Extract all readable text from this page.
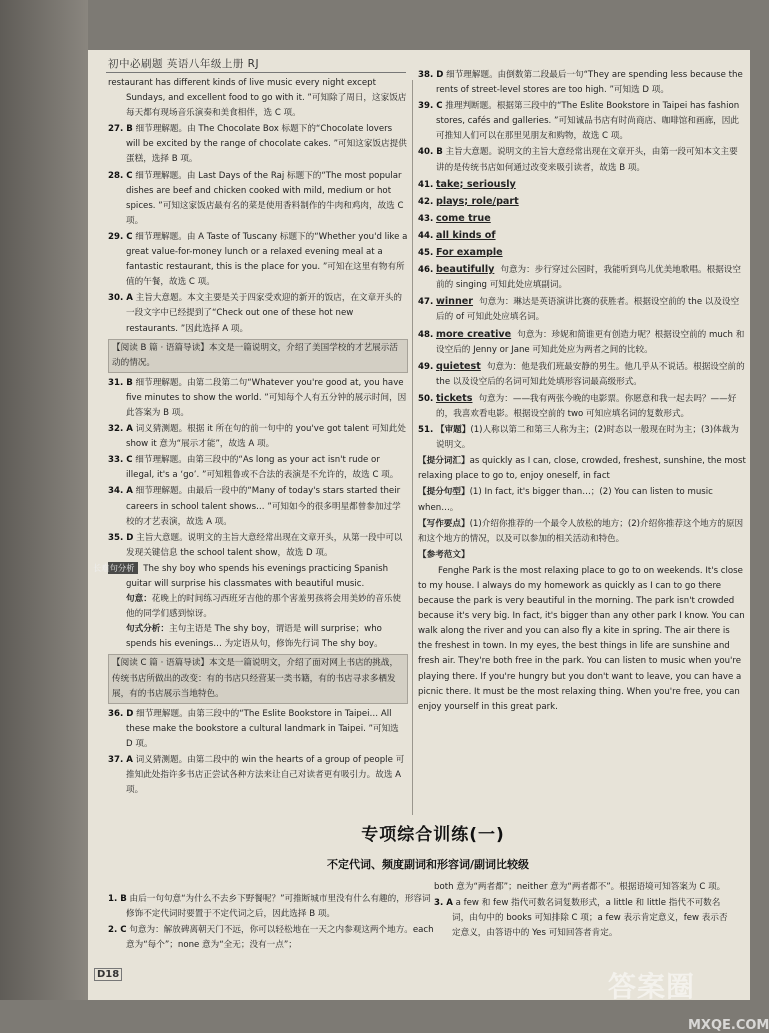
初中必刷题 英语八年级上册 RJ
restaurant has different kinds of live music every night except Sundays, and excellent food to go with it. ”可知除了周日，这家饭店每天都有现场音乐演奏和美食相伴，选 C 项。
27. B 细节理解题。由 The Chocolate Box 标题下的“Chocolate lovers will be excited by the range of chocolate cakes. ”可知这家饭店提供蛋糕，选择 B 项。
28. C 细节理解题。由 Last Days of the Raj 标题下的“The most popular dishes are beef and chicken cooked with mild, medium or hot spices. ”可知这家饭店最有名的菜是使用香料制作的牛肉和鸡肉，故选 C 项。
29. C 细节理解题。由 A Taste of Tuscany 标题下的“Whether you'd like a great value-for-money lunch or a relaxed evening meal at a fantastic restaurant, this is the place for you. ”可知在这里有物有所值的午餐，故选 C 项。
30. A 主旨大意题。本文主要是关于四家受欢迎的新开的饭店，在文章开头的一段文字中已经提到了“Check out one of these hot new restaurants. ”因此选择 A 项。
【阅读 B 篇 · 语篇导读】本文是一篇说明文，介绍了美国学校的才艺展示活动的情况。
31. B 细节理解题。由第二段第二句“Whatever you're good at, you have five minutes to show the world. ”可知每个人有五分钟的展示时间，因此答案为 B 项。
32. A 词义猜测题。根据 it 所在句的前一句中的 you've got talent 可知此处 show it 意为“展示才能”，故选 A 项。
33. C 细节理解题。由第三段中的“As long as your act isn't rude or illegal, it's a ‘go’. ”可知粗鲁或不合法的表演是不允许的，故选 C 项。
34. A 细节理解题。由最后一段中的“Many of today's stars started their careers in school talent shows… ”可知如今的很多明星都曾参加过学校的才艺表演，故选 A 项。
35. D 主旨大意题。说明文的主旨大意经常出现在文章开头，从第一段中可以发现关键信息 the school talent show，故选 D 项。
长难句分析 The shy boy who spends his evenings practicing Spanish guitar will surprise his classmates with beautiful music.
句意：花晚上的时间练习西班牙吉他的那个害羞男孩将会用美妙的音乐使他的同学们感到惊讶。
句式分析：主句主语是 The shy boy，谓语是 will surprise；who spends his evenings… 为定语从句，修饰先行词 The shy boy。
【阅读 C 篇 · 语篇导读】本文是一篇说明文，介绍了面对网上书店的挑战，传统书店所做出的改变：有的书店只经营某一类书籍，有的书店寻求多栖发展，有的书店展示当地特色。
36. D 细节理解题。由第三段中的“The Eslite Bookstore in Taipei… All these make the bookstore a cultural landmark in Taipei. ”可知选 D 项。
37. A 词义猜测题。由第二段中的 win the hearts of a group of people 可推知此处指许多书店正尝试各种方法来让自己对读者更有吸引力。故选 A 项。
38. D 细节理解题。由倒数第二段最后一句“They are spending less because the rents of street-level stores are too high. ”可知选 D 项。
39. C 推理判断题。根据第三段中的“The Eslite Bookstore in Taipei has fashion stores, cafés and galleries. ”可知诚品书店有时尚商店、咖啡馆和画廊，因此可推知人们可以在那里见朋友和购物，故选 C 项。
40. B 主旨大意题。说明文的主旨大意经常出现在文章开头，由第一段可知本文主要讲的是传统书店如何通过改变来吸引读者，故选 B 项。
41. take; seriously
42. plays; role/part
43. come true
44. all kinds of
45. For example
46. beautifully 句意为：步行穿过公园时，我能听到鸟儿优美地歌唱。根据设空前的 singing 可知此处应填副词。
47. winner 句意为：琳达是英语演讲比赛的获胜者。根据设空前的 the 以及设空后的 of 可知此处应填名词。
48. more creative 句意为：珍妮和简谁更有创造力呢？根据设空前的 much 和设空后的 Jenny or Jane 可知此处应为两者之间的比较。
49. quietest 句意为：他是我们班最安静的男生。他几乎从不说话。根据设空前的 the 以及设空后的名词可知此处填形容词最高级形式。
50. tickets 句意为：——我有两张今晚的电影票。你愿意和我一起去吗？——好的，我喜欢看电影。根据设空前的 two 可知应填名词的复数形式。
51. 【审题】(1)人称以第二和第三人称为主；(2)时态以一般现在时为主；(3)体裁为说明文。
【提分词汇】as quickly as I can, close, crowded, freshest, sunshine, the most relaxing place to go to, enjoy oneself, in fact
【提分句型】(1) In fact, it's bigger than…；(2) You can listen to music when…。
【写作要点】(1)介绍你推荐的一个最令人放松的地方；(2)介绍你推荐这个地方的原因和这个地方的情况，以及可以参加的相关活动和特色。
【参考范文】

Fenghe Park is the most relaxing place to go to on weekends. It's close to my house. I always do my homework as quickly as I can to go there because the park is very beautiful in the morning. The park isn't crowded because it's very big. In fact, it's bigger than any other park I know. You can walk along the river and you can also fly a kite in spring. The air there is the freshest in town. In my eyes, the best things in life are sunshine and fresh air. They're both free in the park. You can listen to music when you're playing there. If you're hungry but you don't want to leave, you can have a picnic there. It must be the most relaxing thing. When you're free, you can enjoy yourself in this great park.

专项综合训练(一)
不定代词、频度副词和形容词/副词比较级
1. B 由后一句句意“为什么不去乡下野餐呢？”可推断城市里没有什么有趣的，形容词修饰不定代词时要置于不定代词之后，因此选择 B 项。
2. C 句意为：解放碑离朝天门不远，你可以轻松地在一天之内参观这两个地方。each 意为“每个”；none 意为“全无；没有一点”；
both 意为“两者都”；neither 意为“两者都不”。根据语境可知答案为 C 项。
3. A a few 和 few 指代可数名词复数形式，a little 和 little 指代不可数名词，由句中的 books 可知排除 C 项；a few 表示肯定意义，few 表示否定意义，由答语中的 Yes 可知回答者肯定。
D18	答案圈
MXQE.COM
